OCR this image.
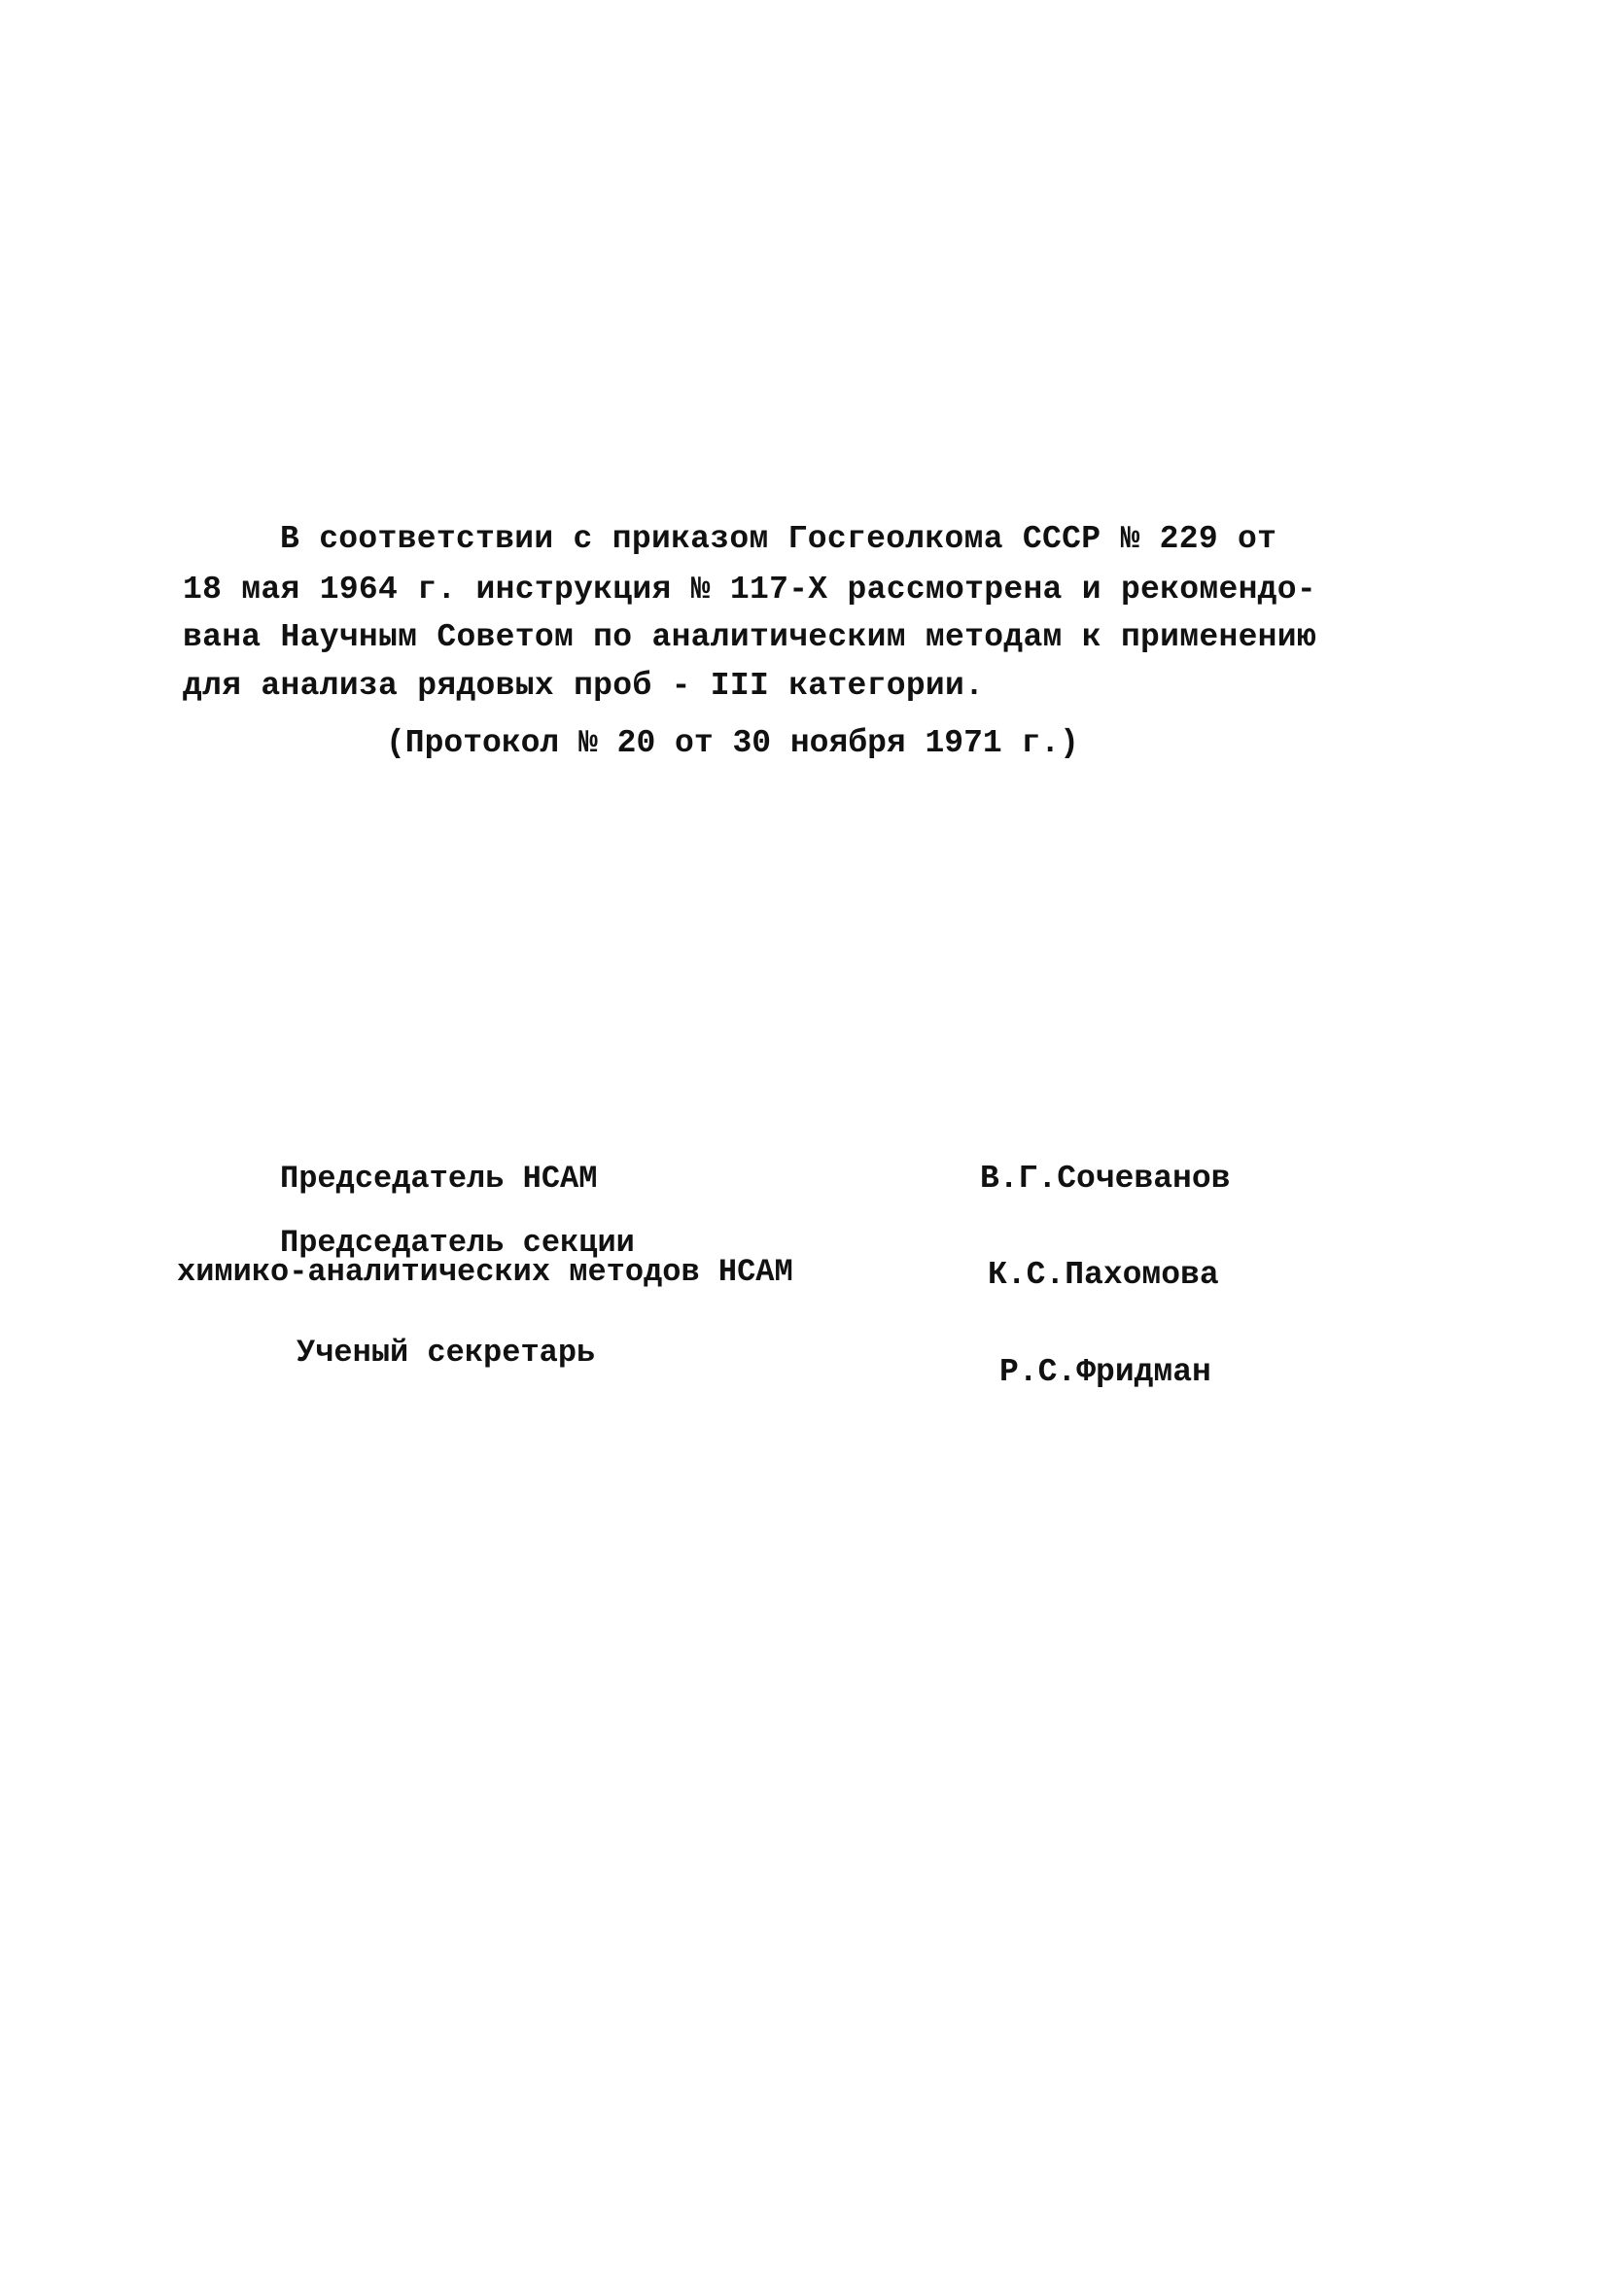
В соответствии с приказом Госгеолкома СССР № 229 от
18 мая 1964 г. инструкция № 117-Х рассмотрена и рекомендо-
вана Научным Советом по аналитическим методам к применению
для анализа рядовых проб - III категории.
(Протокол № 20 от 30 ноября 1971 г.)
Председатель НСАМ	В.Г.Сочеванов
Председатель секции
химико-аналитических методов НСАМ	К.С.Пахомова
Ученый секретарь
Р.С.Фридман
